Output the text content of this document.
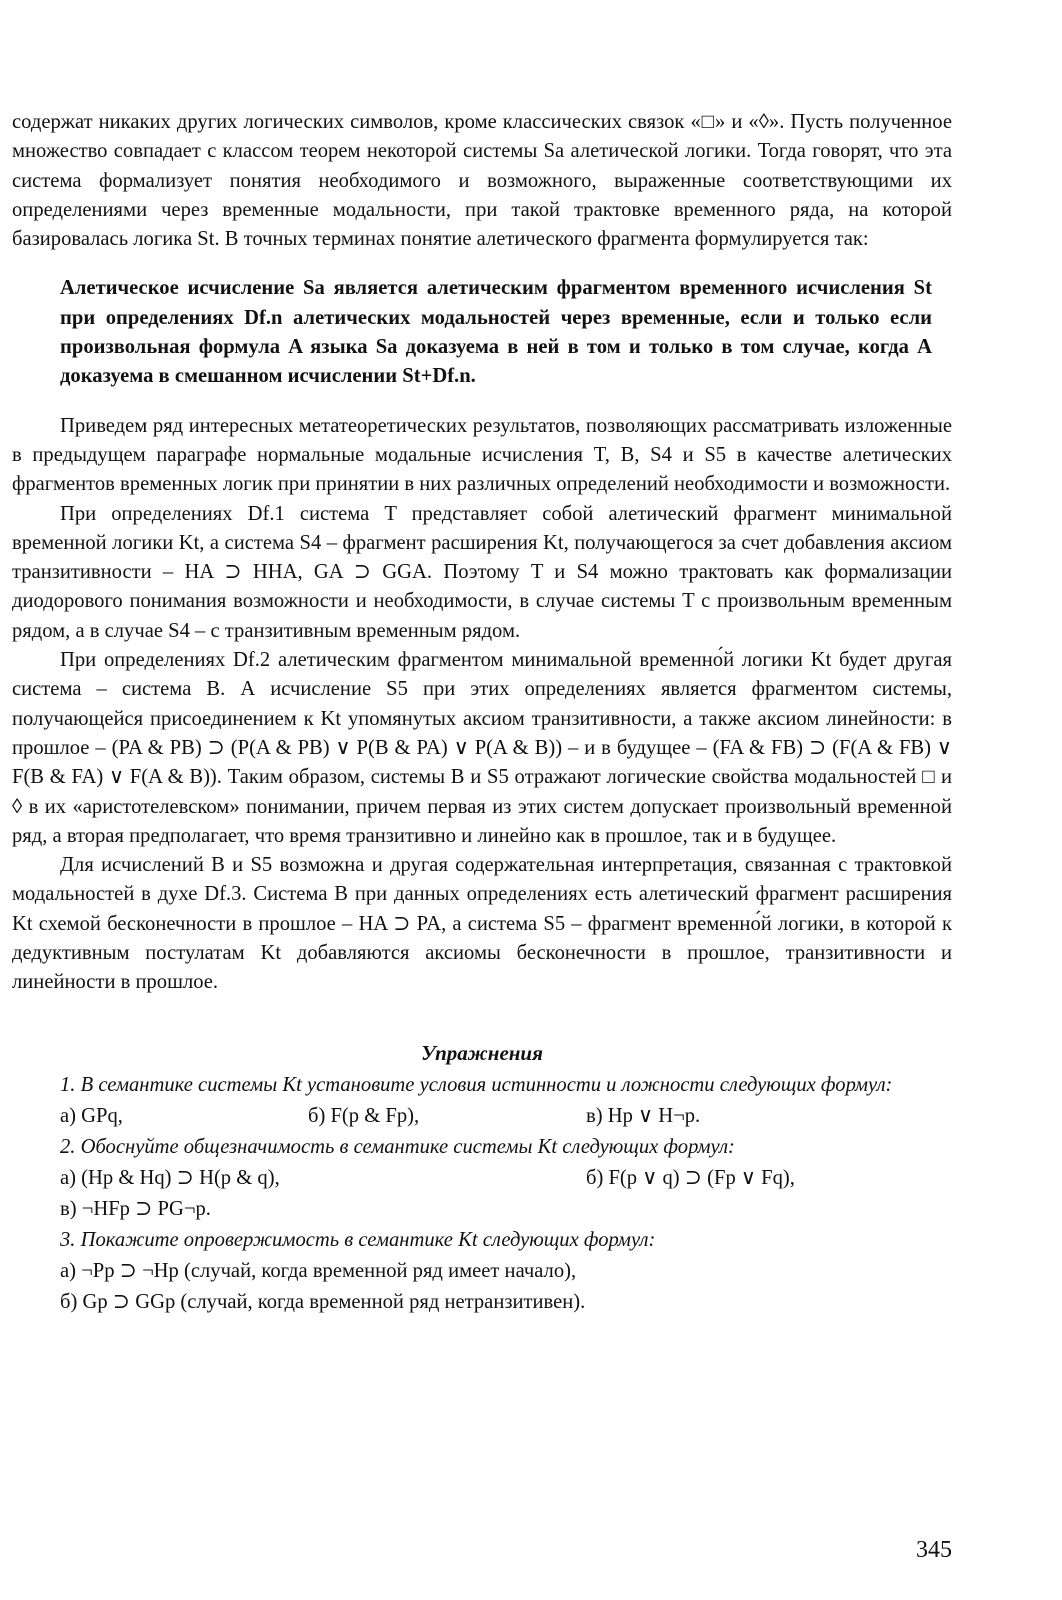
содержат никаких других логических символов, кроме классических связок «□» и «◊». Пусть полученное множество совпадает с классом теорем некоторой системы Sa алетической логики. Тогда говорят, что эта система формализует понятия необходимого и возможного, выраженные соответствующими их определениями через временные модальности, при такой трактовке временного ряда, на которой базировалась логика St. В точных терминах понятие алетического фрагмента формулируется так:

Алетическое исчисление Sa является алетическим фрагментом временного исчисления St при определениях Df.n алетических модальностей через временные, если и только если произвольная формула A языка Sa доказуема в ней в том и только в том случае, когда A доказуема в смешанном исчислении St+Df.n.

Приведем ряд интересных метатеоретических результатов, позволяющих рассматривать изложенные в предыдущем параграфе нормальные модальные исчисления T, B, S4 и S5 в качестве алетических фрагментов временных логик при принятии в них различных определений необходимости и возможности.

При определениях Df.1 система T представляет собой алетический фрагмент минимальной временной логики Kt, а система S4 – фрагмент расширения Kt, получающегося за счет добавления аксиом транзитивности – HA ⊃ HHA, GA ⊃ GGA. Поэтому T и S4 можно трактовать как формализации диодорового понимания возможности и необходимости, в случае системы T с произвольным временным рядом, а в случае S4 – с транзитивным временным рядом.

При определениях Df.2 алетическим фрагментом минимальной временно́й логики Kt будет другая система – система B. А исчисление S5 при этих определениях является фрагментом системы, получающейся присоединением к Kt упомянутых аксиом транзитивности, а также аксиом линейности: в прошлое – (PA & PB) ⊃ (P(A & PB) ∨ P(B & PA) ∨ P(A & B)) – и в будущее – (FA & FB) ⊃ (F(A & FB) ∨ F(B & FA) ∨ F(A & B)). Таким образом, системы B и S5 отражают логические свойства модальностей □ и ◊ в их «аристотелевском» понимании, причем первая из этих систем допускает произвольный временной ряд, а вторая предполагает, что время транзитивно и линейно как в прошлое, так и в будущее.

Для исчислений B и S5 возможна и другая содержательная интерпретация, связанная с трактовкой модальностей в духе Df.3. Система B при данных определениях есть алетический фрагмент расширения Kt схемой бесконечности в прошлое – HA ⊃ PA, а система S5 – фрагмент временно́й логики, в которой к дедуктивным постулатам Kt добавляются аксиомы бесконечности в прошлое, транзитивности и линейности в прошлое.

Упражнения
1. В семантике системы Kt установите условия истинности и ложности следующих формул:
а) GPq,	б) F(p & Fp),	в) Hp ∨ H¬p.
2. Обоснуйте общезначимость в семантике системы Kt следующих формул:
а) (Hp & Hq) ⊃ H(p & q),	б) F(p ∨ q) ⊃ (Fp ∨ Fq),
в) ¬HFp ⊃ PG¬p.
3. Покажите опровержимость в семантике Kt следующих формул:
а) ¬Pp ⊃ ¬Hp (случай, когда временной ряд имеет начало),
б) Gp ⊃ GGp (случай, когда временной ряд нетранзитивен).
345
